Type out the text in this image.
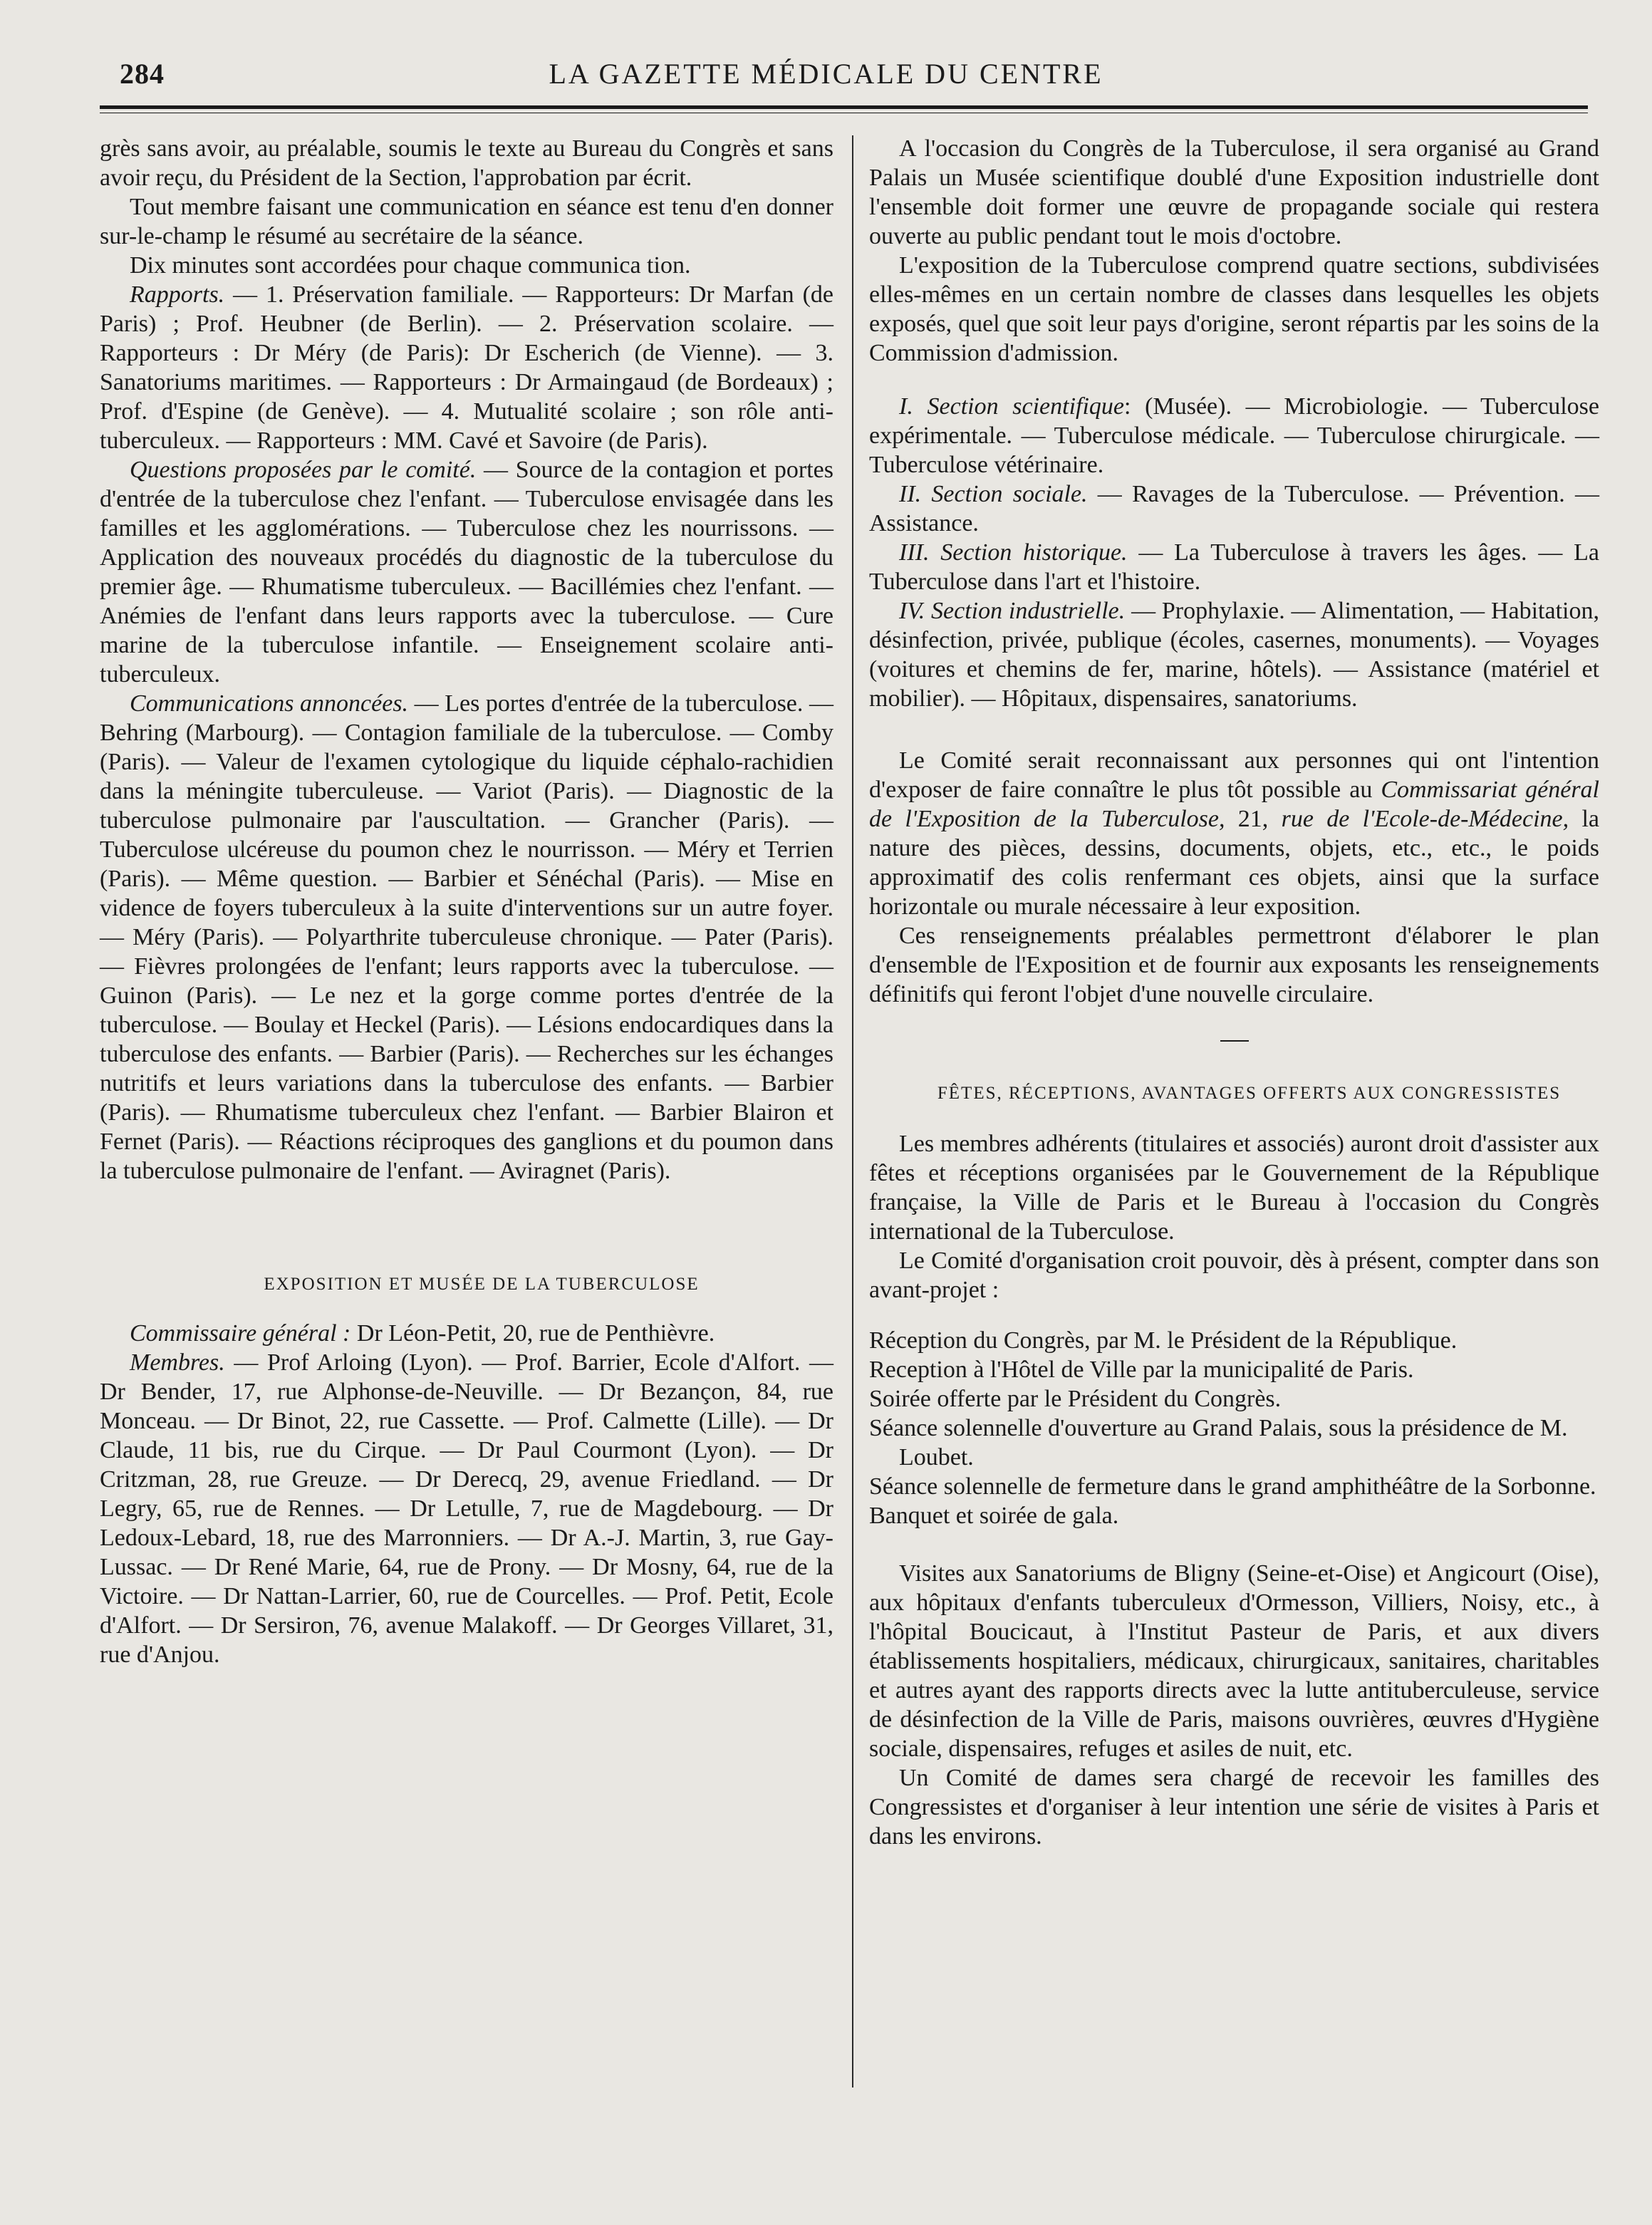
284	LA GAZETTE MÉDICALE DU CENTRE

grès sans avoir, au préalable, soumis le texte au Bureau du Congrès et sans avoir reçu, du Président de la Section, l'approbation par écrit.

Tout membre faisant une communication en séance est tenu d'en donner sur-le-champ le résumé au secrétaire de la séance.

Dix minutes sont accordées pour chaque communica tion.

Rapports. — 1. Préservation familiale. — Rapporteurs: Dr Marfan (de Paris) ; Prof. Heubner (de Berlin). — 2. Préservation scolaire. — Rapporteurs : Dr Méry (de Paris): Dr Escherich (de Vienne). — 3. Sanatoriums maritimes. — Rapporteurs : Dr Armaingaud (de Bordeaux) ; Prof. d'Espine (de Genève). — 4. Mutualité scolaire ; son rôle anti-tuberculeux. — Rapporteurs : MM. Cavé et Savoire (de Paris).

Questions proposées par le comité. — Source de la contagion et portes d'entrée de la tuberculose chez l'enfant. — Tuberculose envisagée dans les familles et les agglomérations. — Tuberculose chez les nourrissons. — Application des nouveaux procédés du diagnostic de la tuberculose du premier âge. — Rhumatisme tuberculeux. — Bacillémies chez l'enfant. — Anémies de l'enfant dans leurs rapports avec la tuberculose. — Cure marine de la tuberculose infantile. — Enseignement scolaire anti-tuberculeux.

Communications annoncées. — Les portes d'entrée de la tuberculose. — Behring (Marbourg). — Contagion familiale de la tuberculose. — Comby (Paris). — Valeur de l'examen cytologique du liquide céphalo-rachidien dans la méningite tuberculeuse. — Variot (Paris). — Diagnostic de la tuberculose pulmonaire par l'auscultation. — Grancher (Paris). — Tuberculose ulcéreuse du poumon chez le nourrisson. — Méry et Terrien (Paris). — Même question. — Barbier et Sénéchal (Paris). — Mise en vidence de foyers tuberculeux à la suite d'interventions sur un autre foyer. — Méry (Paris). — Polyarthrite tuberculeuse chronique. — Pater (Paris). — Fièvres prolongées de l'enfant; leurs rapports avec la tuberculose. — Guinon (Paris). — Le nez et la gorge comme portes d'entrée de la tuberculose. — Boulay et Heckel (Paris). — Lésions endocardiques dans la tuberculose des enfants. — Barbier (Paris). — Recherches sur les échanges nutritifs et leurs variations dans la tuberculose des enfants. — Barbier (Paris). — Rhumatisme tuberculeux chez l'enfant. — Barbier Blairon et Fernet (Paris). — Réactions réciproques des ganglions et du poumon dans la tuberculose pulmonaire de l'enfant. — Aviragnet (Paris).

EXPOSITION ET MUSÉE DE LA TUBERCULOSE

Commissaire général : Dr Léon-Petit, 20, rue de Penthièvre.

Membres. — Prof Arloing (Lyon). — Prof. Barrier, Ecole d'Alfort. — Dr Bender, 17, rue Alphonse-de-Neuville. — Dr Bezançon, 84, rue Monceau. — Dr Binot, 22, rue Cassette. — Prof. Calmette (Lille). — Dr Claude, 11 bis, rue du Cirque. — Dr Paul Courmont (Lyon). — Dr Critzman, 28, rue Greuze. — Dr Derecq, 29, avenue Friedland. — Dr Legry, 65, rue de Rennes. — Dr Letulle, 7, rue de Magdebourg. — Dr Ledoux-Lebard, 18, rue des Marronniers. — Dr A.-J. Martin, 3, rue Gay-Lussac. — Dr René Marie, 64, rue de Prony. — Dr Mosny, 64, rue de la Victoire. — Dr Nattan-Larrier, 60, rue de Courcelles. — Prof. Petit, Ecole d'Alfort. — Dr Sersiron, 76, avenue Malakoff. — Dr Georges Villaret, 31, rue d'Anjou.

A l'occasion du Congrès de la Tuberculose, il sera organisé au Grand Palais un Musée scientifique doublé d'une Exposition industrielle dont l'ensemble doit former une œuvre de propagande sociale qui restera ouverte au public pendant tout le mois d'octobre.

L'exposition de la Tuberculose comprend quatre sections, subdivisées elles-mêmes en un certain nombre de classes dans lesquelles les objets exposés, quel que soit leur pays d'origine, seront répartis par les soins de la Commission d'admission.

I. Section scientifique: (Musée). — Microbiologie. — Tuberculose expérimentale. — Tuberculose médicale. — Tuberculose chirurgicale. — Tuberculose vétérinaire.

II. Section sociale. — Ravages de la Tuberculose. — Prévention. — Assistance.

III. Section historique. — La Tuberculose à travers les âges. — La Tuberculose dans l'art et l'histoire.

IV. Section industrielle. — Prophylaxie. — Alimentation, — Habitation, désinfection, privée, publique (écoles, casernes, monuments). — Voyages (voitures et chemins de fer, marine, hôtels). — Assistance (matériel et mobilier). — Hôpitaux, dispensaires, sanatoriums.

Le Comité serait reconnaissant aux personnes qui ont l'intention d'exposer de faire connaître le plus tôt possible au Commissariat général de l'Exposition de la Tuberculose, 21, rue de l'Ecole-de-Médecine, la nature des pièces, dessins, documents, objets, etc., etc., le poids approximatif des colis renfermant ces objets, ainsi que la surface horizontale ou murale nécessaire à leur exposition.

Ces renseignements préalables permettront d'élaborer le plan d'ensemble de l'Exposition et de fournir aux exposants les renseignements définitifs qui feront l'objet d'une nouvelle circulaire.

FÊTES, RÉCEPTIONS, AVANTAGES OFFERTS AUX CONGRESSISTES

Les membres adhérents (titulaires et associés) auront droit d'assister aux fêtes et réceptions organisées par le Gouvernement de la République française, la Ville de Paris et le Bureau à l'occasion du Congrès international de la Tuberculose.

Le Comité d'organisation croit pouvoir, dès à présent, compter dans son avant-projet :

Réception du Congrès, par M. le Président de la République.

Reception à l'Hôtel de Ville par la municipalité de Paris.

Soirée offerte par le Président du Congrès.

Séance solennelle d'ouverture au Grand Palais, sous la présidence de M. Loubet.

Séance solennelle de fermeture dans le grand amphithéâtre de la Sorbonne.

Banquet et soirée de gala.

Visites aux Sanatoriums de Bligny (Seine-et-Oise) et Angicourt (Oise), aux hôpitaux d'enfants tuberculeux d'Ormesson, Villiers, Noisy, etc., à l'hôpital Boucicaut, à l'Institut Pasteur de Paris, et aux divers établissements hospitaliers, médicaux, chirurgicaux, sanitaires, charitables et autres ayant des rapports directs avec la lutte antituberculeuse, service de désinfection de la Ville de Paris, maisons ouvrières, œuvres d'Hygiène sociale, dispensaires, refuges et asiles de nuit, etc.

Un Comité de dames sera chargé de recevoir les familles des Congressistes et d'organiser à leur intention une série de visites à Paris et dans les environs.
